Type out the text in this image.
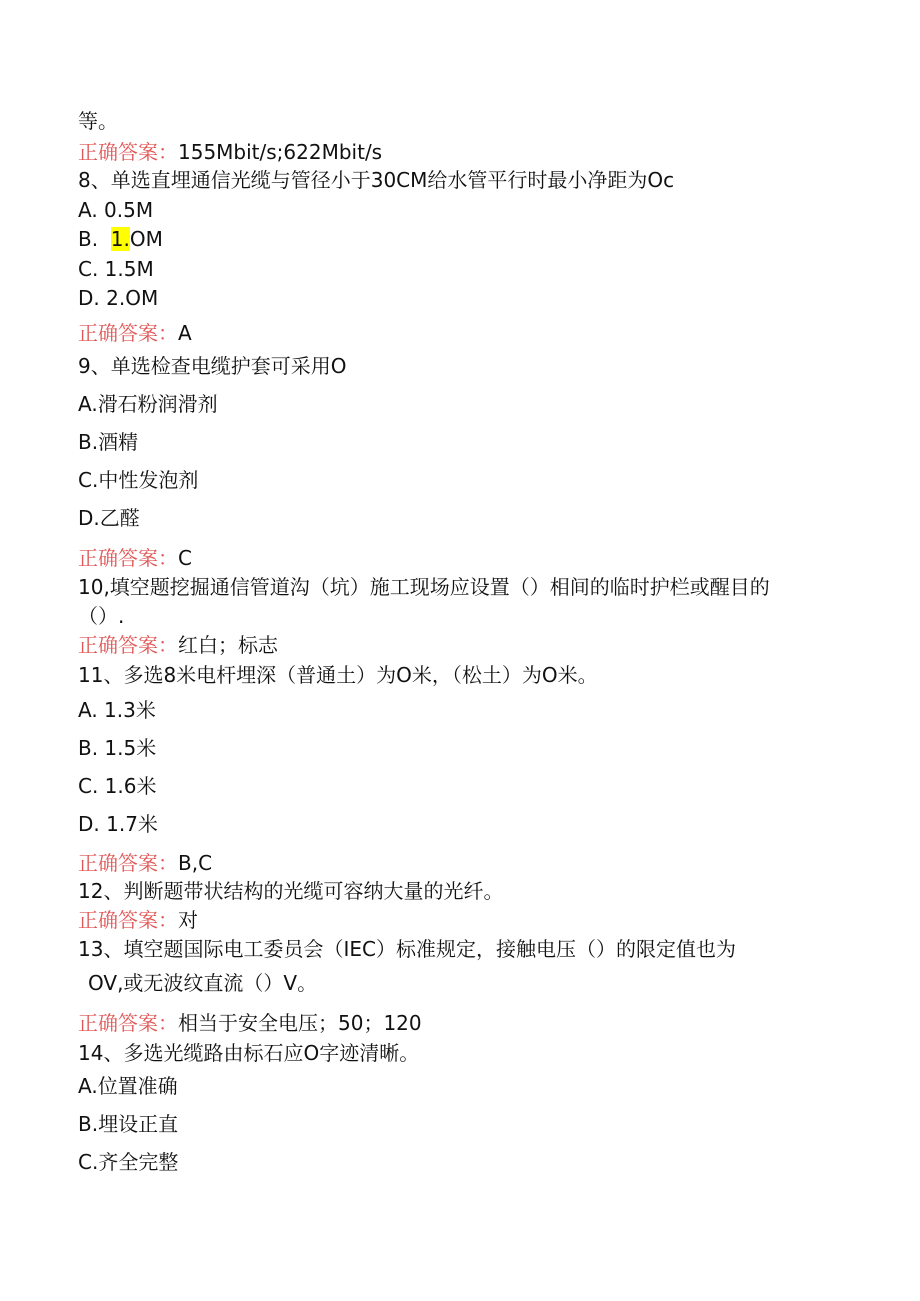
等。
正确答案：155Mbit/s;622Mbit/s
8、单选直埋通信光缆与管径小于30CM给水管平行时最小净距为Oc
A. 0.5M
B.  1.OM
C. 1.5M
D. 2.OM
正确答案：A
9、单选检查电缆护套可采用O
A.滑石粉润滑剂
B.酒精
C.中性发泡剂
D.乙醛
正确答案：C
10,填空题挖掘通信管道沟（坑）施工现场应设置（）相间的临时护栏或醒目的
（）.
正确答案：红白；标志
11、多选8米电杆埋深（普通土）为O米，（松土）为O米。
A. 1.3米
B. 1.5米
C. 1.6米
D. 1.7米
正确答案：B,C
12、判断题带状结构的光缆可容纳大量的光纤。
正确答案：对
13、填空题国际电工委员会（IEC）标准规定，接触电压（）的限定值也为
OV,或无波纹直流（）V。
正确答案：相当于安全电压；50；120
14、多选光缆路由标石应O字迹清晰。
A.位置准确
B.埋设正直
C.齐全完整
